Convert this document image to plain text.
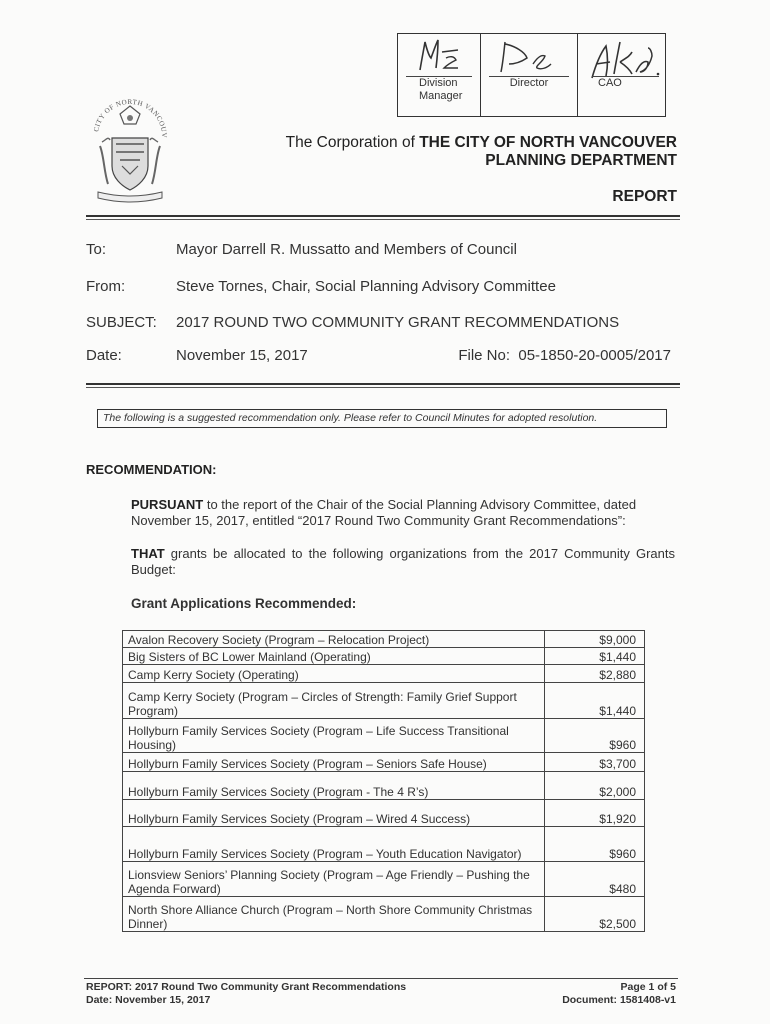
Division Manager
Director	CAO
CITY OF NORTH VANCOUV	The Corporation of THE CITY OF NORTH VANCOUVER
PLANNING DEPARTMENT
REPORT
To:	Mayor Darrell R. Mussatto and Members of Council
From:	Steve Tornes, Chair, Social Planning Advisory Committee
SUBJECT: 2017 ROUND TWO COMMUNITY GRANT RECOMMENDATIONS
Date:	November 15, 2017	File No: 05-1850-20-0005/2017
The following is a suggested recommendation only. Please refer to Council Minutes for adopted resolution.
RECOMMENDATION:
PURSUANT to the report of the Chair of the Social Planning Advisory Committee, dated November 15, 2017, entitled “2017 Round Two Community Grant Recommendations”:
THAT grants be allocated to the following organizations from the 2017 Community Grants Budget:
Grant Applications Recommended:
Avalon Recovery Society (Program – Relocation Project)	$9,000
Big Sisters of BC Lower Mainland (Operating)	$1,440
Camp Kerry Society (Operating)	$2,880
Camp Kerry Society (Program – Circles of Strength: Family Grief Support Program)	$1,440
Hollyburn Family Services Society (Program – Life Success Transitional Housing)	$960
Hollyburn Family Services Society (Program – Seniors Safe House)	$3,700
Hollyburn Family Services Society (Program - The 4 R’s)	$2,000
Hollyburn Family Services Society (Program – Wired 4 Success)	$1,920
Hollyburn Family Services Society (Program – Youth Education Navigator)	$960
Lionsview Seniors’ Planning Society (Program – Age Friendly – Pushing the Agenda Forward)	$480
North Shore Alliance Church (Program – North Shore Community Christmas Dinner)	$2,500
REPORT: 2017 Round Two Community Grant Recommendations
Date: November 15, 2017
Page 1 of 5
Document: 1581408-v1
